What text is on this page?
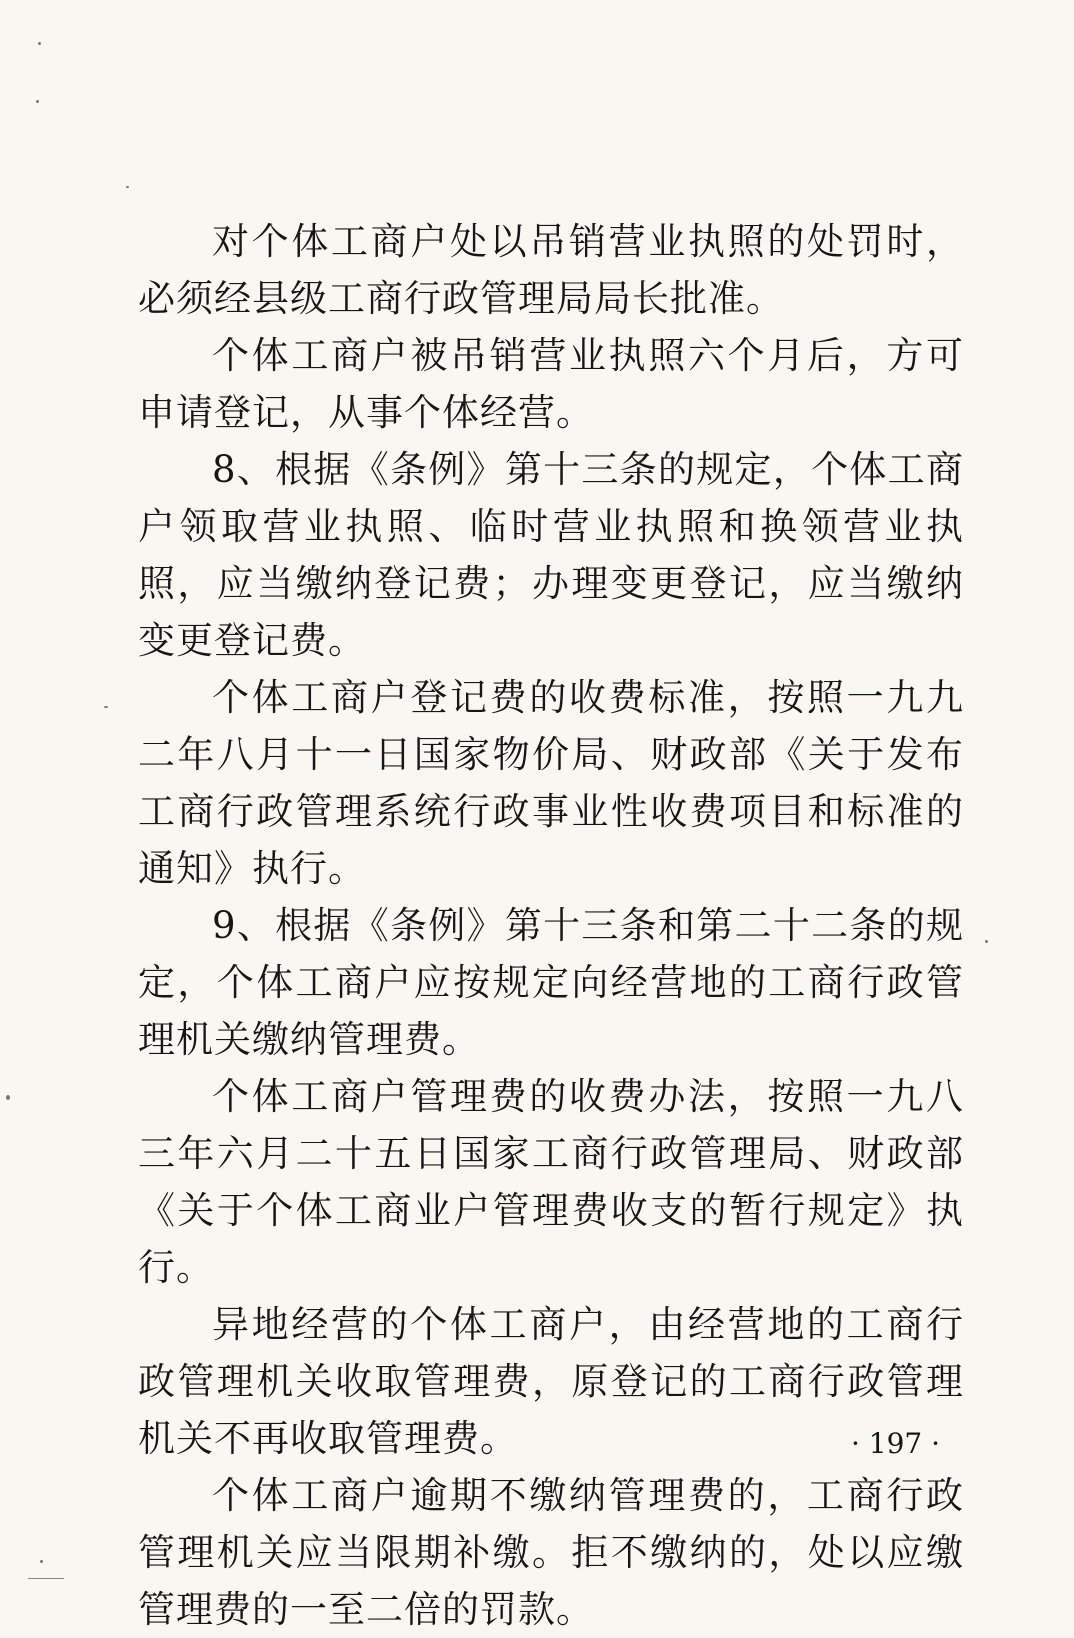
对个体工商户处以吊销营业执照的处罚时，必须经县级工商行政管理局局长批准。

个体工商户被吊销营业执照六个月后，方可申请登记，从事个体经营。

8、根据《条例》第十三条的规定，个体工商户领取营业执照、临时营业执照和换领营业执照，应当缴纳登记费；办理变更登记，应当缴纳变更登记费。

个体工商户登记费的收费标准，按照一九九二年八月十一日国家物价局、财政部《关于发布工商行政管理系统行政事业性收费项目和标准的通知》执行。

9、根据《条例》第十三条和第二十二条的规定，个体工商户应按规定向经营地的工商行政管理机关缴纳管理费。

个体工商户管理费的收费办法，按照一九八三年六月二十五日国家工商行政管理局、财政部《关于个体工商业户管理费收支的暂行规定》执行。

异地经营的个体工商户，由经营地的工商行政管理机关收取管理费，原登记的工商行政管理机关不再收取管理费。

个体工商户逾期不缴纳管理费的，工商行政管理机关应当限期补缴。拒不缴纳的，处以应缴管理费的一至二倍的罚款。

· 197 ·
